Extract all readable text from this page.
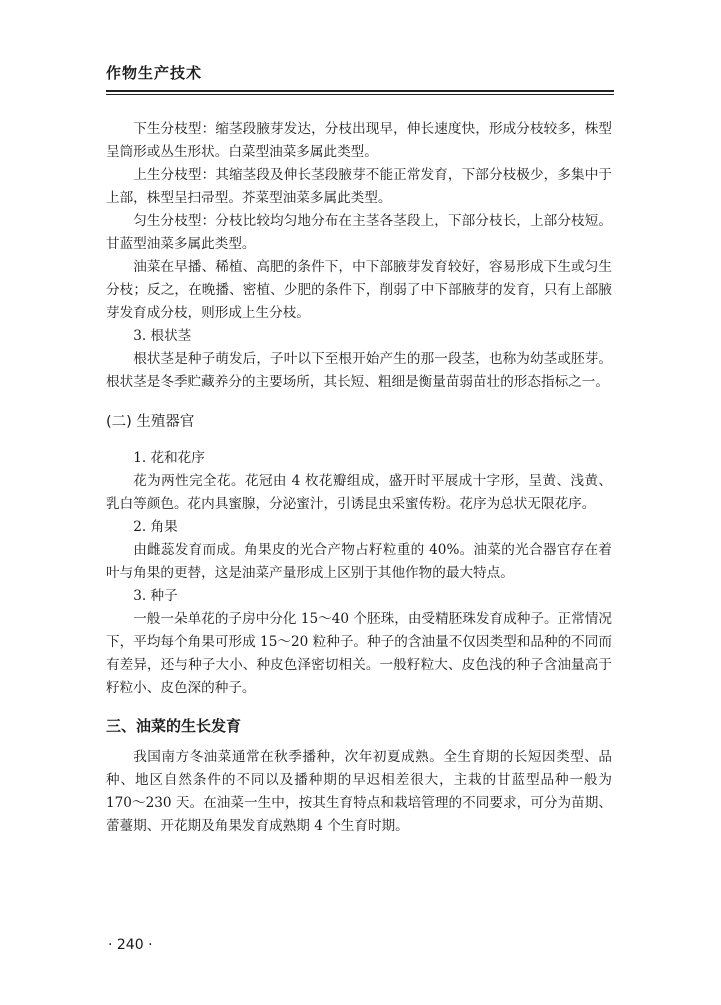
作物生产技术

下生分枝型：缩茎段腋芽发达，分枝出现早，伸长速度快，形成分枝较多，株型呈筒形或丛生形状。白菜型油菜多属此类型。

上生分枝型：其缩茎段及伸长茎段腋芽不能正常发育，下部分枝极少，多集中于上部，株型呈扫帚型。芥菜型油菜多属此类型。

匀生分枝型：分枝比较均匀地分布在主茎各茎段上，下部分枝长，上部分枝短。甘蓝型油菜多属此类型。

油菜在早播、稀植、高肥的条件下，中下部腋芽发育较好，容易形成下生或匀生分枝；反之，在晚播、密植、少肥的条件下，削弱了中下部腋芽的发育，只有上部腋芽发育成分枝，则形成上生分枝。

3. 根状茎

根状茎是种子萌发后，子叶以下至根开始产生的那一段茎，也称为幼茎或胚芽。根状茎是冬季贮藏养分的主要场所，其长短、粗细是衡量苗弱苗壮的形态指标之一。

(二) 生殖器官
1. 花和花序

花为两性完全花。花冠由 4 枚花瓣组成，盛开时平展成十字形，呈黄、浅黄、乳白等颜色。花内具蜜腺，分泌蜜汁，引诱昆虫采蜜传粉。花序为总状无限花序。

2. 角果

由雌蕊发育而成。角果皮的光合产物占籽粒重的 40%。油菜的光合器官存在着叶与角果的更替，这是油菜产量形成上区别于其他作物的最大特点。

3. 种子

一般一朵单花的子房中分化 15～40 个胚珠，由受精胚珠发育成种子。正常情况下，平均每个角果可形成 15～20 粒种子。种子的含油量不仅因类型和品种的不同而有差异，还与种子大小、种皮色泽密切相关。一般籽粒大、皮色浅的种子含油量高于籽粒小、皮色深的种子。

三、油菜的生长发育

我国南方冬油菜通常在秋季播种，次年初夏成熟。全生育期的长短因类型、品种、地区自然条件的不同以及播种期的早迟相差很大，主栽的甘蓝型品种一般为 170～230 天。在油菜一生中，按其生育特点和栽培管理的不同要求，可分为苗期、蕾薹期、开花期及角果发育成熟期 4 个生育时期。

· 240 ·
